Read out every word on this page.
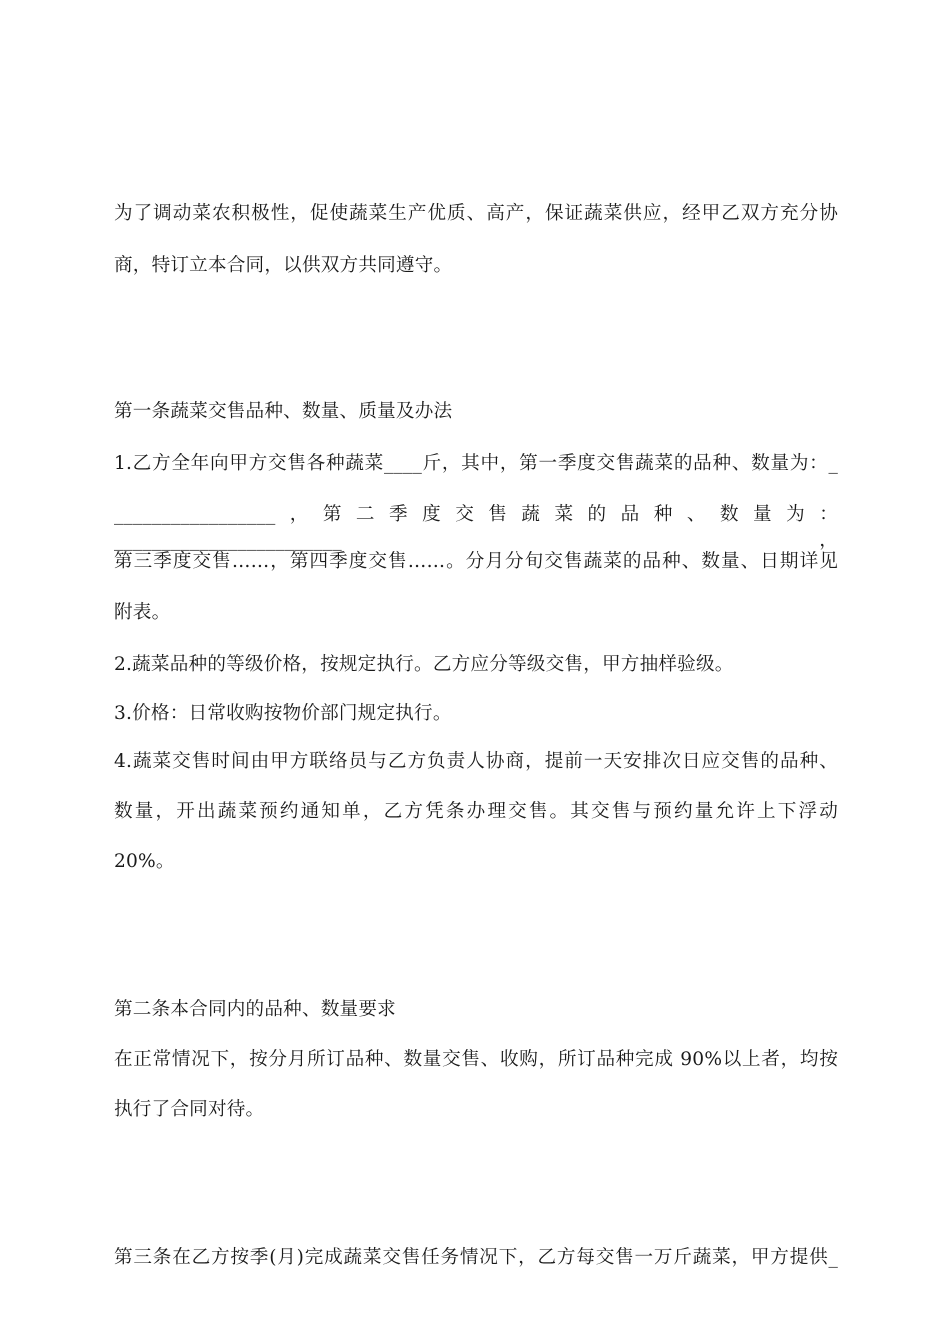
为了调动菜农积极性，促使蔬菜生产优质、高产，保证蔬菜供应，经甲乙双方充分协
商，特订立本合同，以供双方共同遵守。
第一条蔬菜交售品种、数量、质量及办法
1.乙方全年向甲方交售各种蔬菜____斤，其中，第一季度交售蔬菜的品种、数量为：_
_________________，第二季度交售蔬菜的品种、数量为：________________________，
第三季度交售……，第四季度交售……。分月分旬交售蔬菜的品种、数量、日期详见
附表。
2.蔬菜品种的等级价格，按规定执行。乙方应分等级交售，甲方抽样验级。
3.价格：日常收购按物价部门规定执行。
4.蔬菜交售时间由甲方联络员与乙方负责人协商，提前一天安排次日应交售的品种、
数量，开出蔬菜预约通知单，乙方凭条办理交售。其交售与预约量允许上下浮动
20%。
第二条本合同内的品种、数量要求
在正常情况下，按分月所订品种、数量交售、收购，所订品种完成 90%以上者，均按
执行了合同对待。
第三条在乙方按季(月)完成蔬菜交售任务情况下，乙方每交售一万斤蔬菜，甲方提供_
